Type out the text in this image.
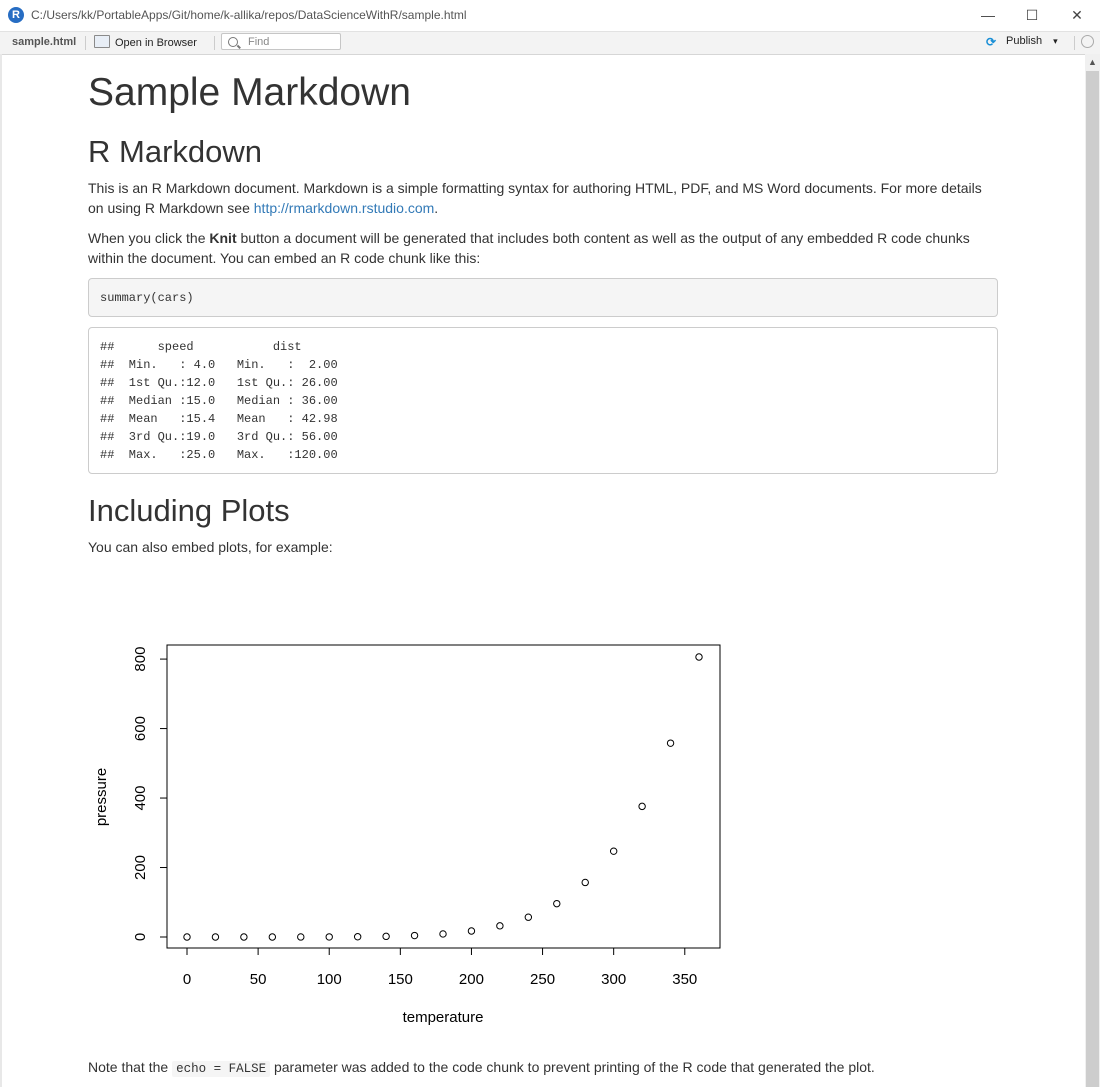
R C:/Users/kk/PortableApps/Git/home/k-allika/repos/DataScienceWithR/sample.html	—	☐	✕
sample.html	Open in Browser	Find	⟳ Publish ▾
▲
Sample Markdown
R Markdown

This is an R Markdown document. Markdown is a simple formatting syntax for authoring HTML, PDF, and MS Word documents. For more details on using R Markdown see http://rmarkdown.rstudio.com.

When you click the Knit button a document will be generated that includes both content as well as the output of any embedded R code chunks within the document. You can embed an R code chunk like this:

summary(cars)
##      speed           dist
##  Min.   : 4.0   Min.   :  2.00
##  1st Qu.:12.0   1st Qu.: 26.00
##  Median :15.0   Median : 36.00
##  Mean   :15.4   Mean   : 42.98
##  3rd Qu.:19.0   3rd Qu.: 56.00
##  Max.   :25.0   Max.   :120.00
Including Plots

You can also embed plots, for example:

Note that the echo = FALSE parameter was added to the code chunk to prevent printing of the R code that generated the plot.

0	50	100	150	200	250	300	350
0
200
400
600
800
temperature
pressure
